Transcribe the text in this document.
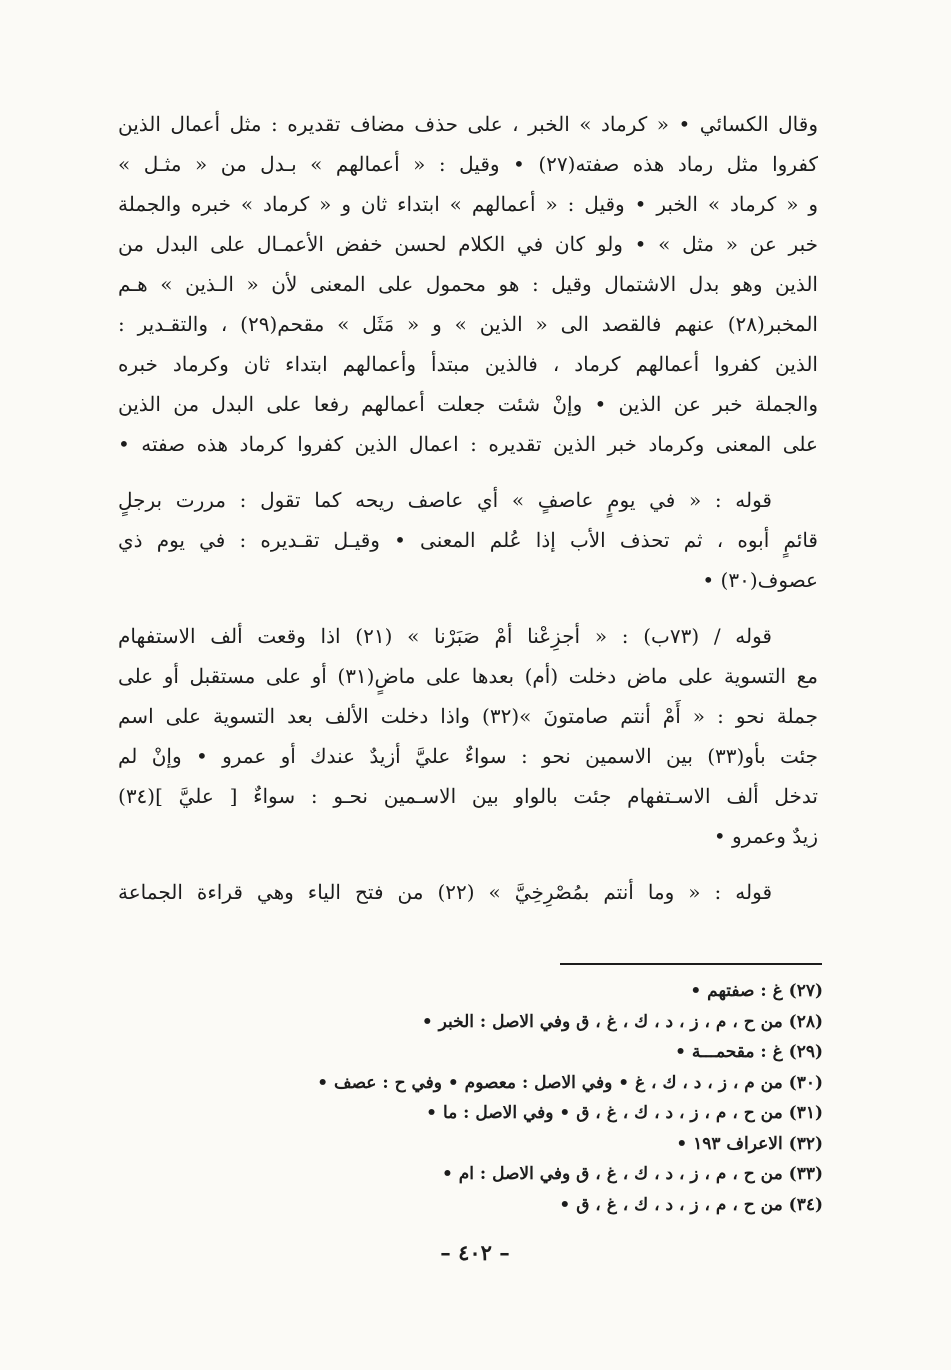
وقال الكسائي • « كرماد » الخبر ، على حذف مضاف تقديره : مثل أعمال الذين
كفروا مثل رماد هذه صفته(٢٧) • وقيل : « أعمالهم » بـدل من « مثـل »
و « كرماد » الخبر • وقيل : « أعمالهم » ابتداء ثان و « كرماد » خبره والجملة
خبر عن « مثل » • ولو كان في الكلام لحسن خفض الأعمـال على البدل من
الذين وهو بدل الاشتمال وقيل : هو محمول على المعنى لأن « الـذين » هـم
المخبر(٢٨) عنهم فالقصد الى « الذين » و « مَثَل » مقحم(٢٩) ، والتقـدير :
الذين كفروا أعمالهم كرماد ، فالذين مبتدأ وأعمالهم ابتداء ثان وكرماد خبره
والجملة خبر عن الذين • وإنْ شئت جعلت أعمالهم رفعا على البدل من الذين
على المعنى وكرماد خبر الذين تقديره : اعمال الذين كفروا كرماد هذه صفته •
قوله : « في يومٍ عاصفٍ » أي عاصف ريحه كما تقول : مررت برجلٍ
قائمٍ أبوه ، ثم تحذف الأب إذا عُلم المعنى • وقيـل تقـديره : في يوم ذي
عصوف(٣٠) •
قوله / (٧٣ب) : « أجزِعْنا أمْ صَبَرْنا » (٢١) اذا وقعت ألف الاستفهام
مع التسوية على ماض دخلت (أم) بعدها على ماضٍ(٣١) أو على مستقبل أو على
جملة نحو : « أَمْ أنتم صامتونَ »(٣٢) واذا دخلت الألف بعد التسوية على اسم
جئت بأو(٣٣) بين الاسمين نحو : سواءٌ عليَّ أزيدٌ عندك أو عمرو • وإنْ لم
تدخل ألف الاسـتفهام جئت بالواو بين الاسـمين نحـو : سواءٌ [ عليَّ ](٣٤)
زيدٌ وعمرو •
قوله : « وما أنتم بمُصْرِخِيَّ » (٢٢) من فتح الياء وهي قراءة الجماعة
(٢٧) غ : صفتهم •
(٢٨) من ح ، م ، ز ، د ، ك ، غ ، ق وفي الاصل : الخبر •
(٢٩) غ : مقحمـــة •
(٣٠) من م ، ز ، د ، ك ، غ • وفي الاصل : معصوم • وفي ح : عصف •
(٣١) من ح ، م ، ز ، د ، ك ، غ ، ق • وفي الاصل : ما •
(٣٢) الاعراف ١٩٣ •
(٣٣) من ح ، م ، ز ، د ، ك ، غ ، ق وفي الاصل : ام •
(٣٤) من ح ، م ، ز ، د ، ك ، غ ، ق •
– ٤٠٢ –
